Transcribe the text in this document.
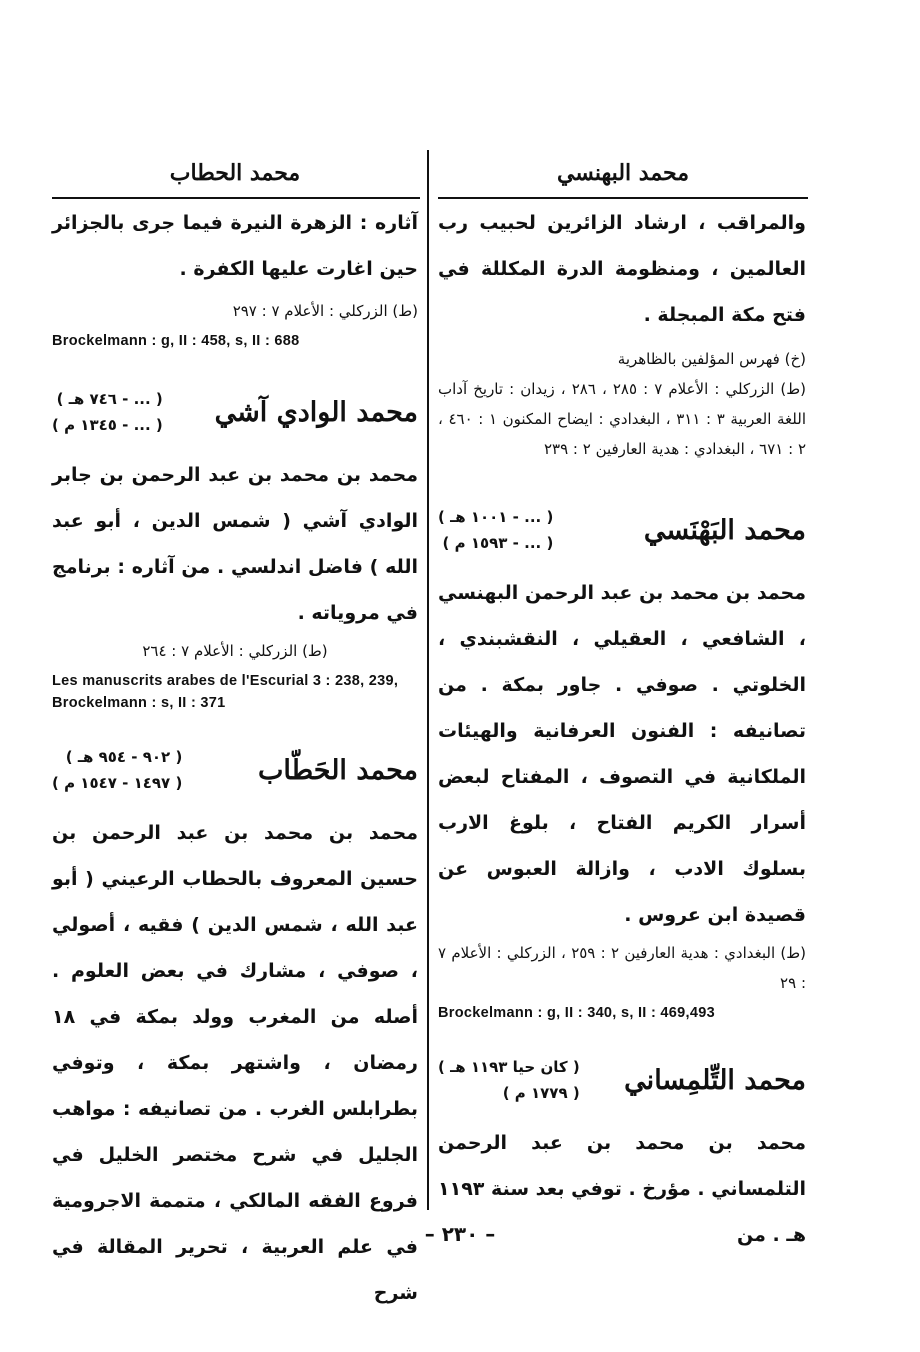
محمد البهنسي
محمد الحطاب

والمراقب ، ارشاد الزائرين لحبيب رب العالمين ، ومنظومة الدرة المكللة في فتح مكة المبجلة .

(خ) فهرس المؤلفين بالظاهرية

(ط) الزركلي : الأعلام ٧ : ٢٨٥ ، ٢٨٦ ، زيدان : تاريخ آداب اللغة العربية ٣ : ٣١١ ، البغدادي : ايضاح المكنون ١ : ٤٦٠ ، ٢ : ٦٧١ ، البغدادي : هدية العارفين ٢ : ٢٣٩

محمد البَهْنَسي
( ... - ١٠٠١ هـ )
( ... - ١٥٩٣ م )

محمد بن محمد بن عبد الرحمن البهنسي ، الشافعي ، العقيلي ، النقشبندي ، الخلوتي . صوفي . جاور بمكة . من تصانيفه : الفنون العرفانية والهيئات الملكانية في التصوف ، المفتاح لبعض أسرار الكريم الفتاح ، بلوغ الارب بسلوك الادب ، وازالة العبوس عن قصيدة ابن عروس .

(ط) البغدادي : هدية العارفين ٢ : ٢٥٩ ، الزركلي : الأعلام ٧ : ٢٩

Brockelmann : g, II : 340, s, II : 469,493

محمد التِّلمِساني
( كان حيا ١١٩٣ هـ )
( ١٧٧٩ م )

محمد بن محمد بن عبد الرحمن التلمساني . مؤرخ . توفي بعد سنة ١١٩٣ هـ . من

آثاره : الزهرة النيرة فيما جرى بالجزائر حين اغارت عليها الكفرة .

(ط) الزركلي : الأعلام ٧ : ٢٩٧

Brockelmann : g, II : 458, s, II : 688

محمد الوادي آشي
( ... - ٧٤٦ هـ )
( ... - ١٣٤٥ م )

محمد بن محمد بن عبد الرحمن بن جابر الوادي آشي ( شمس الدين ، أبو عبد الله ) فاضل اندلسي . من آثاره : برنامج في مروياته .

(ط) الزركلي : الأعلام ٧ : ٢٦٤

Les manuscrits arabes de l'Escurial 3 : 238, 239, Brockelmann : s, II : 371

محمد الحَطّاب
( ٩٠٢ - ٩٥٤ هـ )
( ١٤٩٧ - ١٥٤٧ م )

محمد بن محمد بن عبد الرحمن بن حسين المعروف بالحطاب الرعيني ( أبو عبد الله ، شمس الدين ) فقيه ، أصولي ، صوفي ، مشارك في بعض العلوم . أصله من المغرب وولد بمكة في ١٨ رمضان ، واشتهر بمكة ، وتوفي بطرابلس الغرب . من تصانيفه : مواهب الجليل في شرح مختصر الخليل في فروع الفقه المالكي ، متممة الاجرومية في علم العربية ، تحرير المقالة في شرح

– ٢٣٠ –
